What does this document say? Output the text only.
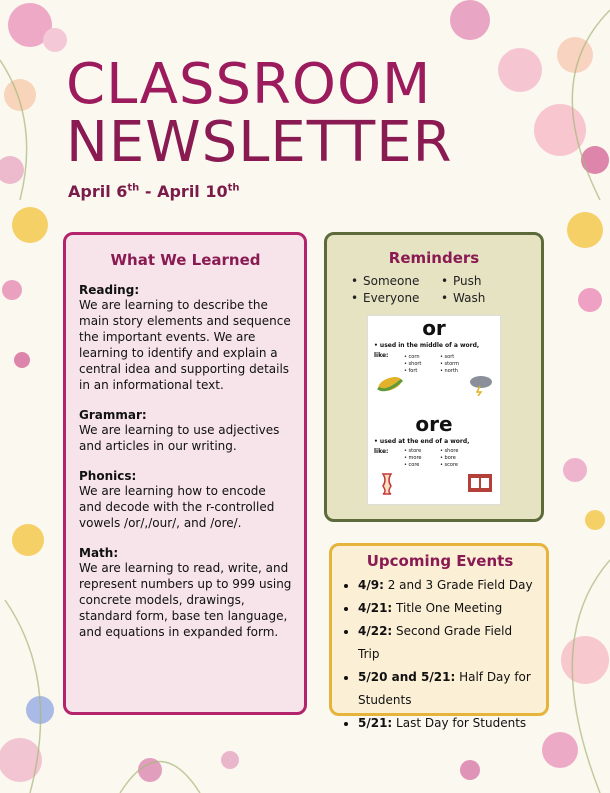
CLASSROOM
NEWSLETTER
April 6th - April 10th
What We Learned

Reading:

We are learning to describe the main story elements and sequence the important events. We are learning to identify and explain a central idea and supporting details in an informational text.

Grammar:

We are learning to use adjectives and articles in our writing.

Phonics:

We are learning how to encode and decode with the r-controlled vowels /or/,/our/, and /ore/.

Math:

We are learning to read, write, and represent numbers up to 999 using concrete models, drawings, standard form, base ten language, and equations in expanded form.

Reminders
• Someone	• Push
• Everyone	• Wash
or
• used in the middle of a word,
like:	• corn
• short
• fort
• sort
• storm
• north
ore
• used at the end of a word,
like:	• store
• more
• core
• shore
• bore
• score
Upcoming Events
• 4/9: 2 and 3 Grade Field Day
• 4/21: Title One Meeting
• 4/22: Second Grade Field Trip
• 5/20 and 5/21: Half Day for Students
• 5/21: Last Day for Students
